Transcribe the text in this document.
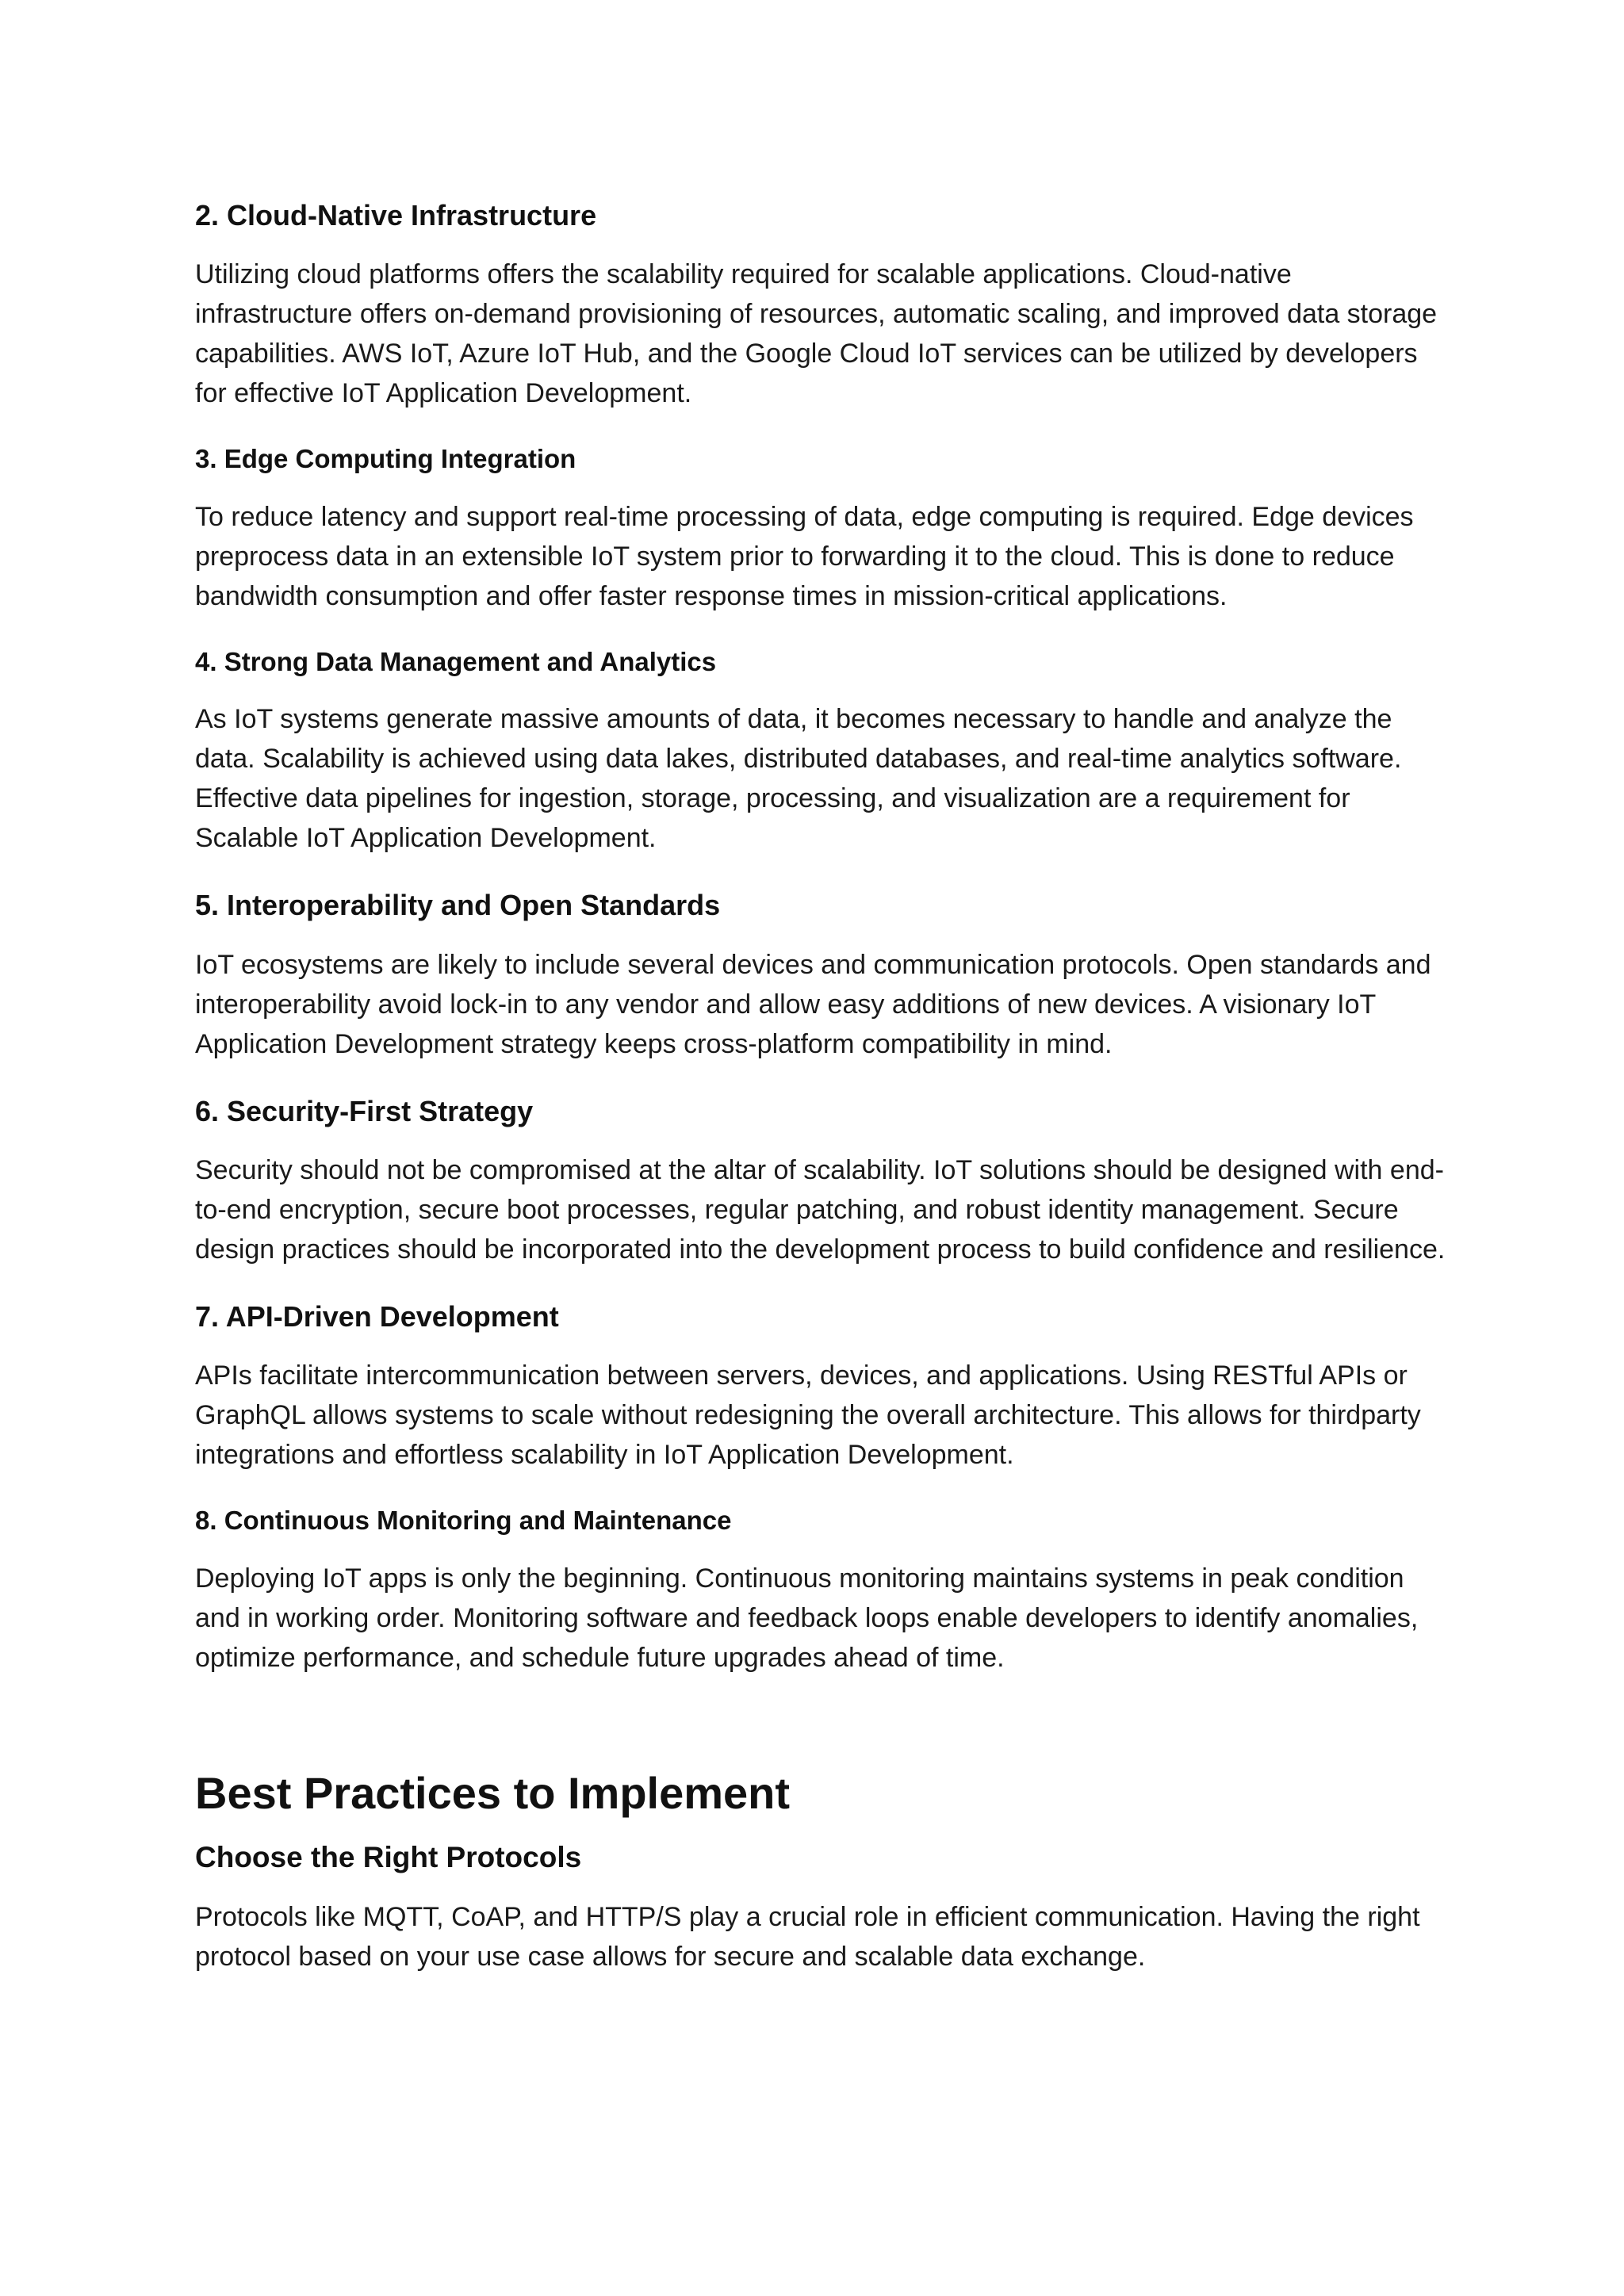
2. Cloud-Native Infrastructure

Utilizing cloud platforms offers the scalability required for scalable applications. Cloud-native infrastructure offers on-demand provisioning of resources, automatic scaling, and improved data storage capabilities. AWS IoT, Azure IoT Hub, and the Google Cloud IoT services can be utilized by developers for effective IoT Application Development.

3. Edge Computing Integration

To reduce latency and support real-time processing of data, edge computing is required. Edge devices preprocess data in an extensible IoT system prior to forwarding it to the cloud. This is done to reduce bandwidth consumption and offer faster response times in mission-critical applications.

4. Strong Data Management and Analytics

As IoT systems generate massive amounts of data, it becomes necessary to handle and analyze the data. Scalability is achieved using data lakes, distributed databases, and real-time analytics software. Effective data pipelines for ingestion, storage, processing, and visualization are a requirement for Scalable IoT Application Development.

5. Interoperability and Open Standards

IoT ecosystems are likely to include several devices and communication protocols. Open standards and interoperability avoid lock-in to any vendor and allow easy additions of new devices. A visionary IoT Application Development strategy keeps cross-platform compatibility in mind.

6. Security-First Strategy

Security should not be compromised at the altar of scalability. IoT solutions should be designed with end-to-end encryption, secure boot processes, regular patching, and robust identity management. Secure design practices should be incorporated into the development process to build confidence and resilience.

7. API-Driven Development

APIs facilitate intercommunication between servers, devices, and applications. Using RESTful APIs or GraphQL allows systems to scale without redesigning the overall architecture. This allows for thirdparty integrations and effortless scalability in IoT Application Development.

8. Continuous Monitoring and Maintenance

Deploying IoT apps is only the beginning. Continuous monitoring maintains systems in peak condition and in working order. Monitoring software and feedback loops enable developers to identify anomalies, optimize performance, and schedule future upgrades ahead of time.

Best Practices to Implement
Choose the Right Protocols

Protocols like MQTT, CoAP, and HTTP/S play a crucial role in efficient communication. Having the right protocol based on your use case allows for secure and scalable data exchange.
